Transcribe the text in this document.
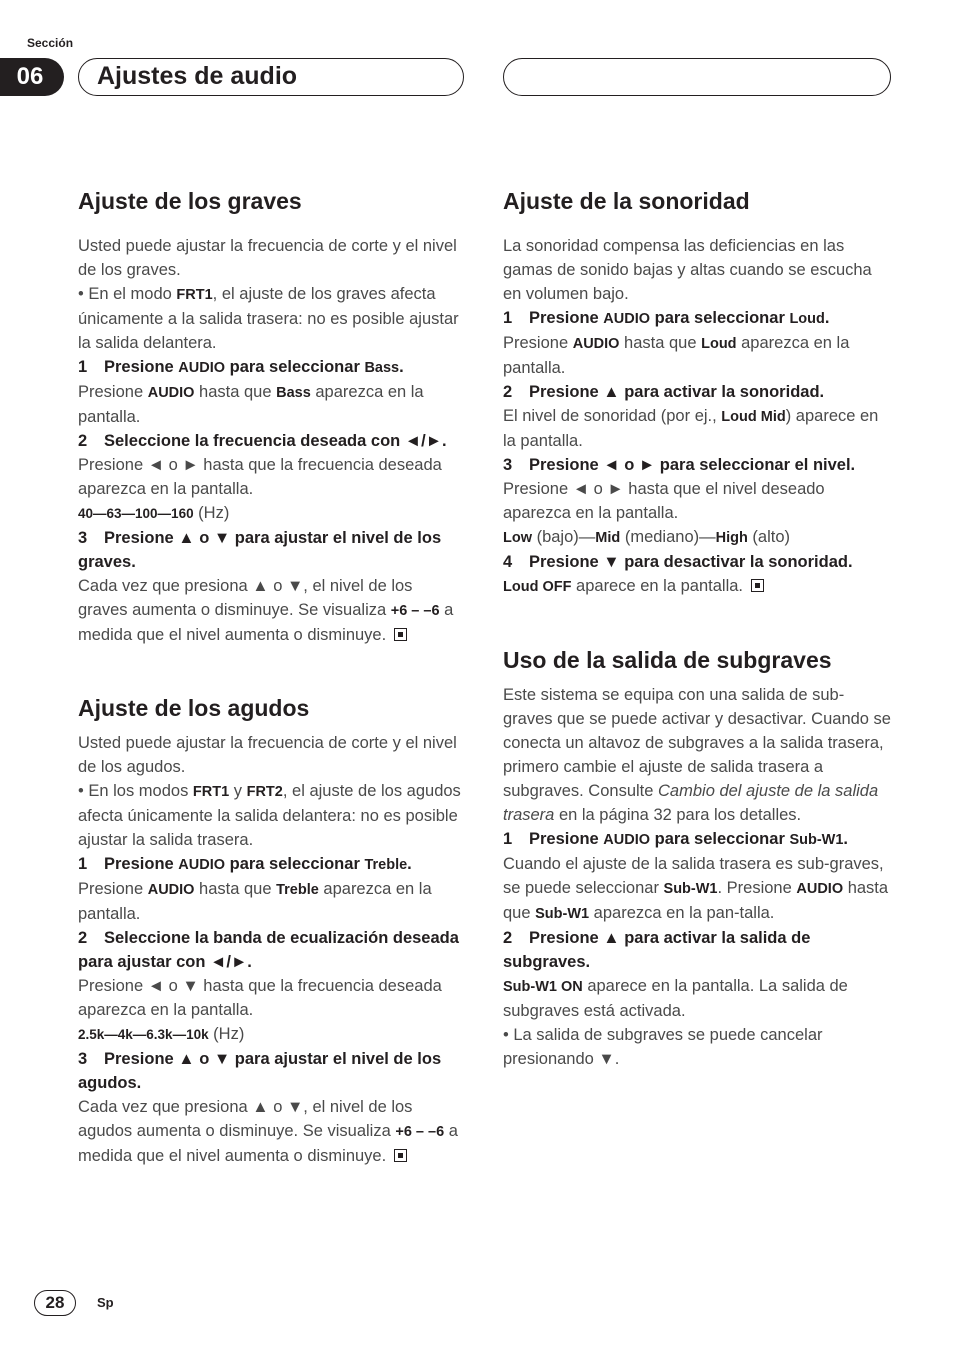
Sección
06	Ajustes de audio
Ajuste de los graves

Usted puede ajustar la frecuencia de corte y el nivel de los graves.

• En el modo FRT1, el ajuste de los graves afecta únicamente a la salida trasera: no es posible ajustar la salida delantera.

1 Presione AUDIO para seleccionar Bass.

Presione AUDIO hasta que Bass aparezca en la pantalla.

2 Seleccione la frecuencia deseada con ◄/►.

Presione ◄ o ► hasta que la frecuencia deseada aparezca en la pantalla.

40—63—100—160 (Hz)

3 Presione ▲ o ▼ para ajustar el nivel de los graves.

Cada vez que presiona ▲ o ▼, el nivel de los graves aumenta o disminuye. Se visualiza +6 – –6 a medida que el nivel aumenta o disminuye.

Ajuste de los agudos

Usted puede ajustar la frecuencia de corte y el nivel de los agudos.

• En los modos FRT1 y FRT2, el ajuste de los agudos afecta únicamente la salida delantera: no es posible ajustar la salida trasera.

1 Presione AUDIO para seleccionar Treble.

Presione AUDIO hasta que Treble aparezca en la pantalla.

2 Seleccione la banda de ecualización deseada para ajustar con ◄/►.

Presione ◄ o ▼ hasta que la frecuencia deseada aparezca en la pantalla.

2.5k—4k—6.3k—10k (Hz)

3 Presione ▲ o ▼ para ajustar el nivel de los agudos.

Cada vez que presiona ▲ o ▼, el nivel de los agudos aumenta o disminuye. Se visualiza +6 – –6 a medida que el nivel aumenta o disminuye.

Ajuste de la sonoridad

La sonoridad compensa las deficiencias en las gamas de sonido bajas y altas cuando se escucha en volumen bajo.

1 Presione AUDIO para seleccionar Loud.

Presione AUDIO hasta que Loud aparezca en la pantalla.

2 Presione ▲ para activar la sonoridad.

El nivel de sonoridad (por ej., Loud Mid) aparece en la pantalla.

3 Presione ◄ o ► para seleccionar el nivel.

Presione ◄ o ► hasta que el nivel deseado aparezca en la pantalla.

Low (bajo)—Mid (mediano)—High (alto)

4 Presione ▼ para desactivar la sonoridad.

Loud OFF aparece en la pantalla.

Uso de la salida de subgraves

Este sistema se equipa con una salida de sub-graves que se puede activar y desactivar. Cuando se conecta un altavoz de subgraves a la salida trasera, primero cambie el ajuste de salida trasera a subgraves. Consulte Cambio del ajuste de la salida trasera en la página 32 para los detalles.

1 Presione AUDIO para seleccionar Sub-W1.

Cuando el ajuste de la salida trasera es sub-graves, se puede seleccionar Sub-W1. Presione AUDIO hasta que Sub-W1 aparezca en la pan-talla.

2 Presione ▲ para activar la salida de subgraves.

Sub-W1 ON aparece en la pantalla. La salida de subgraves está activada.

• La salida de subgraves se puede cancelar presionando ▼.

28	Sp
